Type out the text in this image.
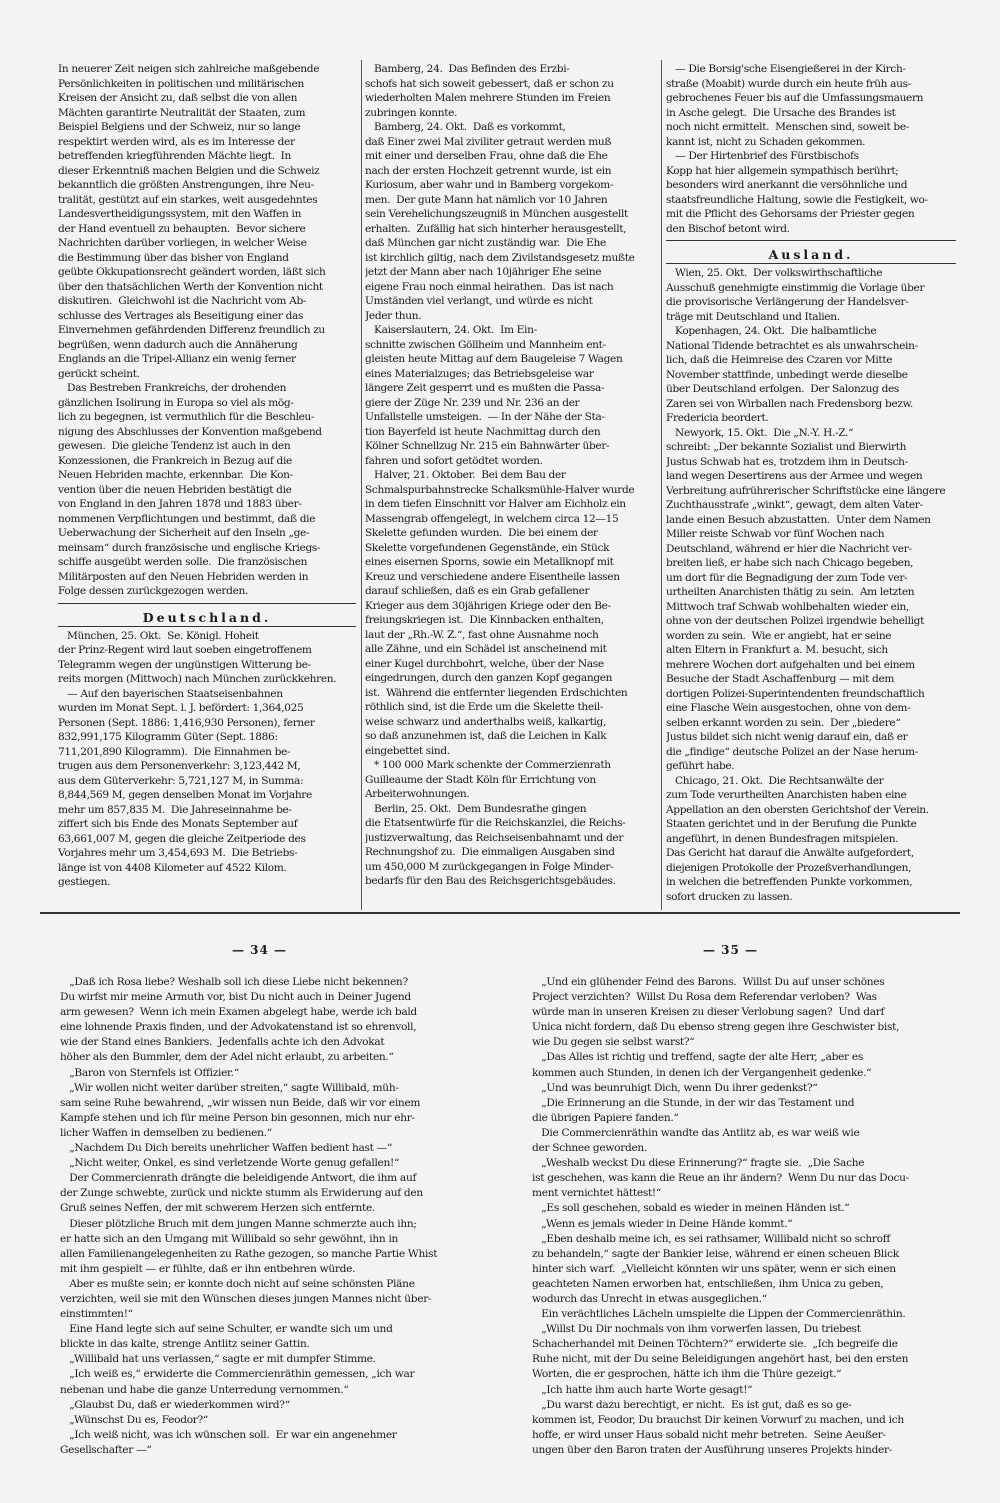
In neuerer Zeit neigen sich zahlreiche maßgebende
Persönlichkeiten in politischen und militärischen
Kreisen der Ansicht zu, daß selbst die von allen
Mächten garantirte Neutralität der Staaten, zum
Beispiel Belgiens und der Schweiz, nur so lange
respektirt werden wird, als es im Interesse der
betreffenden kriegführenden Mächte liegt.  In
dieser Erkenntniß machen Belgien und die Schweiz
bekanntlich die größten Anstrengungen, ihre Neu-
tralität, gestützt auf ein starkes, weit ausgedehntes
Landesvertheidigungssystem, mit den Waffen in
der Hand eventuell zu behaupten.  Bevor sichere
Nachrichten darüber vorliegen, in welcher Weise
die Bestimmung über das bisher von England
geübte Okkupationsrecht geändert worden, läßt sich
über den thatsächlichen Werth der Konvention nicht
diskutiren.  Gleichwohl ist die Nachricht vom Ab-
schlusse des Vertrages als Beseitigung einer das
Einvernehmen gefährdenden Differenz freundlich zu
begrüßen, wenn dadurch auch die Annäherung
Englands an die Tripel-Allianz ein wenig ferner
gerückt scheint.
Das Bestreben Frankreichs, der drohenden
gänzlichen Isolirung in Europa so viel als mög-
lich zu begegnen, ist vermuthlich für die Beschleu-
nigung des Abschlusses der Konvention maßgebend
gewesen.  Die gleiche Tendenz ist auch in den
Konzessionen, die Frankreich in Bezug auf die
Neuen Hebriden machte, erkennbar.  Die Kon-
vention über die neuen Hebriden bestätigt die
von England in den Jahren 1878 und 1883 über-
nommenen Verpflichtungen und bestimmt, daß die
Ueberwachung der Sicherheit auf den Inseln „ge-
meinsam“ durch französische und englische Kriegs-
schiffe ausgeübt werden solle.  Die französischen
Militärposten auf den Neuen Hebriden werden in
Folge dessen zurückgezogen werden.
Deutschland.
München, 25. Okt.  Se. Königl. Hoheit
der Prinz-Regent wird laut soeben eingetroffenem
Telegramm wegen der ungünstigen Witterung be-
reits morgen (Mittwoch) nach München zurückkehren.
— Auf den bayerischen Staatseisenbahnen
wurden im Monat Sept. l. J. befördert: 1,364,025
Personen (Sept. 1886: 1,416,930 Personen), ferner
832,991,175 Kilogramm Güter (Sept. 1886:
711,201,890 Kilogramm).  Die Einnahmen be-
trugen aus dem Personenverkehr: 3,123,442 M,
aus dem Güterverkehr: 5,721,127 M, in Summa:
8,844,569 M, gegen denselben Monat im Vorjahre
mehr um 857,835 M.  Die Jahreseinnahme be-
ziffert sich bis Ende des Monats September auf
63,661,007 M, gegen die gleiche Zeitperiode des
Vorjahres mehr um 3,454,693 M.  Die Betriebs-
länge ist von 4408 Kilometer auf 4522 Kilom.
gestiegen.
Bamberg, 24.  Das Befinden des Erzbi-
schofs hat sich soweit gebessert, daß er schon zu
wiederholten Malen mehrere Stunden im Freien
zubringen konnte.
Bamberg, 24. Okt.  Daß es vorkommt,
daß Einer zwei Mal ziviliter getraut werden muß
mit einer und derselben Frau, ohne daß die Ehe
nach der ersten Hochzeit getrennt wurde, ist ein
Kuriosum, aber wahr und in Bamberg vorgekom-
men.  Der gute Mann hat nämlich vor 10 Jahren
sein Verehelichungszeugniß in München ausgestellt
erhalten.  Zufällig hat sich hinterher herausgestellt,
daß München gar nicht zuständig war.  Die Ehe
ist kirchlich giltig, nach dem Zivilstandsgesetz mußte
jetzt der Mann aber nach 10jähriger Ehe seine
eigene Frau noch einmal heirathen.  Das ist nach
Umständen viel verlangt, und würde es nicht
Jeder thun.
Kaiserslautern, 24. Okt.  Im Ein-
schnitte zwischen Göllheim und Mannheim ent-
gleisten heute Mittag auf dem Baugeleise 7 Wagen
eines Materialzuges; das Betriebsgeleise war
längere Zeit gesperrt und es mußten die Passa-
giere der Züge Nr. 239 und Nr. 236 an der
Unfallstelle umsteigen.  — In der Nähe der Sta-
tion Bayerfeld ist heute Nachmittag durch den
Kölner Schnellzug Nr. 215 ein Bahnwärter über-
fahren und sofort getödtet worden.
Halver, 21. Oktober.  Bei dem Bau der
Schmalspurbahnstrecke Schalksmühle-Halver wurde
in dem tiefen Einschnitt vor Halver am Eichholz ein
Massengrab offengelegt, in welchem circa 12—15
Skelette gefunden wurden.  Die bei einem der
Skelette vorgefundenen Gegenstände, ein Stück
eines eisernen Sporns, sowie ein Metallknopf mit
Kreuz und verschiedene andere Eisentheile lassen
darauf schließen, daß es ein Grab gefallener
Krieger aus dem 30jährigen Kriege oder den Be-
freiungskriegen ist.  Die Kinnbacken enthalten,
laut der „Rh.-W. Z.“, fast ohne Ausnahme noch
alle Zähne, und ein Schädel ist anscheinend mit
einer Kugel durchbohrt, welche, über der Nase
eingedrungen, durch den ganzen Kopf gegangen
ist.  Während die entfernter liegenden Erdschichten
röthlich sind, ist die Erde um die Skelette theil-
weise schwarz und anderthalbs weiß, kalkartig,
so daß anzunehmen ist, daß die Leichen in Kalk
eingebettet sind.
* 100 000 Mark schenkte der Commerzienrath
Guilleaume der Stadt Köln für Errichtung von
Arbeiterwohnungen.
Berlin, 25. Okt.  Dem Bundesrathe gingen
die Etatsentwürfe für die Reichskanzlei, die Reichs-
justizverwaltung, das Reichseisenbahnamt und der
Rechnungshof zu.  Die einmaligen Ausgaben sind
um 450,000 M zurückgegangen in Folge Minder-
bedarfs für den Bau des Reichsgerichtsgebäudes.
— Die Borsig'sche Eisengießerei in der Kirch-
straße (Moabit) wurde durch ein heute früh aus-
gebrochenes Feuer bis auf die Umfassungsmauern
in Asche gelegt.  Die Ursache des Brandes ist
noch nicht ermittelt.  Menschen sind, soweit be-
kannt ist, nicht zu Schaden gekommen.
— Der Hirtenbrief des Fürstbischofs
Kopp hat hier allgemein sympathisch berührt;
besonders wird anerkannt die versöhnliche und
staatsfreundliche Haltung, sowie die Festigkeit, wo-
mit die Pflicht des Gehorsams der Priester gegen
den Bischof betont wird.
Ausland.
Wien, 25. Okt.  Der volkswirthschaftliche
Ausschuß genehmigte einstimmig die Vorlage über
die provisorische Verlängerung der Handelsver-
träge mit Deutschland und Italien.
Kopenhagen, 24. Okt.  Die halbamtliche
National Tidende betrachtet es als unwahrschein-
lich, daß die Heimreise des Czaren vor Mitte
November stattfinde, unbedingt werde dieselbe
über Deutschland erfolgen.  Der Salonzug des
Zaren sei von Wirballen nach Fredensborg bezw.
Fredericia beordert.
Newyork, 15. Okt.  Die „N.-Y. H.-Z.“
schreibt: „Der bekannte Sozialist und Bierwirth
Justus Schwab hat es, trotzdem ihm in Deutsch-
land wegen Desertirens aus der Armee und wegen
Verbreitung aufrührerischer Schriftstücke eine längere
Zuchthausstrafe „winkt“, gewagt, dem alten Vater-
lande einen Besuch abzustatten.  Unter dem Namen
Miller reiste Schwab vor fünf Wochen nach
Deutschland, während er hier die Nachricht ver-
breiten ließ, er habe sich nach Chicago begeben,
um dort für die Begnadigung der zum Tode ver-
urtheilten Anarchisten thätig zu sein.  Am letzten
Mittwoch traf Schwab wohlbehalten wieder ein,
ohne von der deutschen Polizei irgendwie behelligt
worden zu sein.  Wie er angiebt, hat er seine
alten Eltern in Frankfurt a. M. besucht, sich
mehrere Wochen dort aufgehalten und bei einem
Besuche der Stadt Aschaffenburg — mit dem
dortigen Polizei-Superintendenten freundschaftlich
eine Flasche Wein ausgestochen, ohne von dem-
selben erkannt worden zu sein.  Der „biedere“
Justus bildet sich nicht wenig darauf ein, daß er
die „findige“ deutsche Polizei an der Nase herum-
geführt habe.
Chicago, 21. Okt.  Die Rechtsanwälte der
zum Tode verurtheilten Anarchisten haben eine
Appellation an den obersten Gerichtshof der Verein.
Staaten gerichtet und in der Berufung die Punkte
angeführt, in denen Bundesfragen mitspielen.
Das Gericht hat darauf die Anwälte aufgefordert,
diejenigen Protokolle der Prozeßverhandlungen,
in welchen die betreffenden Punkte vorkommen,
sofort drucken zu lassen.
— 34 —	— 35 —
„Daß ich Rosa liebe? Weshalb soll ich diese Liebe nicht bekennen?
Du wirfst mir meine Armuth vor, bist Du nicht auch in Deiner Jugend
arm gewesen?  Wenn ich mein Examen abgelegt habe, werde ich bald
eine lohnende Praxis finden, und der Advokatenstand ist so ehrenvoll,
wie der Stand eines Bankiers.  Jedenfalls achte ich den Advokat
höher als den Bummler, dem der Adel nicht erlaubt, zu arbeiten.“
„Baron von Sternfels ist Offizier.“
„Wir wollen nicht weiter darüber streiten,“ sagte Willibald, müh-
sam seine Ruhe bewahrend, „wir wissen nun Beide, daß wir vor einem
Kampfe stehen und ich für meine Person bin gesonnen, mich nur ehr-
licher Waffen in demselben zu bedienen.“
„Nachdem Du Dich bereits unehrlicher Waffen bedient hast —“
„Nicht weiter, Onkel, es sind verletzende Worte genug gefallen!“
Der Commercienrath drängte die beleidigende Antwort, die ihm auf
der Zunge schwebte, zurück und nickte stumm als Erwiderung auf den
Gruß seines Neffen, der mit schwerem Herzen sich entfernte.
Dieser plötzliche Bruch mit dem jungen Manne schmerzte auch ihn;
er hatte sich an den Umgang mit Willibald so sehr gewöhnt, ihn in
allen Familienangelegenheiten zu Rathe gezogen, so manche Partie Whist
mit ihm gespielt — er fühlte, daß er ihn entbehren würde.
Aber es mußte sein; er konnte doch nicht auf seine schönsten Pläne
verzichten, weil sie mit den Wünschen dieses jungen Mannes nicht über-
einstimmten!“
Eine Hand legte sich auf seine Schulter, er wandte sich um und
blickte in das kalte, strenge Antlitz seiner Gattin.
„Willibald hat uns verlassen,“ sagte er mit dumpfer Stimme.
„Ich weiß es,“ erwiderte die Commercienräthin gemessen, „ich war
nebenan und habe die ganze Unterredung vernommen.“
„Glaubst Du, daß er wiederkommen wird?“
„Wünschst Du es, Feodor?“
„Ich weiß nicht, was ich wünschen soll.  Er war ein angenehmer
Gesellschafter —“
„Und ein glühender Feind des Barons.  Willst Du auf unser schönes
Project verzichten?  Willst Du Rosa dem Referendar verloben?  Was
würde man in unseren Kreisen zu dieser Verlobung sagen?  Und darf
Unica nicht fordern, daß Du ebenso streng gegen ihre Geschwister bist,
wie Du gegen sie selbst warst?“
„Das Alles ist richtig und treffend, sagte der alte Herr, „aber es
kommen auch Stunden, in denen ich der Vergangenheit gedenke.“
„Und was beunruhigt Dich, wenn Du ihrer gedenkst?“
„Die Erinnerung an die Stunde, in der wir das Testament und
die übrigen Papiere fanden.“
Die Commercienräthin wandte das Antlitz ab, es war weiß wie
der Schnee geworden.
„Weshalb weckst Du diese Erinnerung?“ fragte sie.  „Die Sache
ist geschehen, was kann die Reue an ihr ändern?  Wenn Du nur das Docu-
ment vernichtet hättest!“
„Es soll geschehen, sobald es wieder in meinen Händen ist.“
„Wenn es jemals wieder in Deine Hände kommt.“
„Eben deshalb meine ich, es sei rathsamer, Willibald nicht so schroff
zu behandeln,“ sagte der Bankier leise, während er einen scheuen Blick
hinter sich warf.  „Vielleicht könnten wir uns später, wenn er sich einen
geachteten Namen erworben hat, entschließen, ihm Unica zu geben,
wodurch das Unrecht in etwas ausgeglichen.“
Ein verächtliches Lächeln umspielte die Lippen der Commercienräthin.
„Willst Du Dir nochmals von ihm vorwerfen lassen, Du triebest
Schacherhandel mit Deinen Töchtern?“ erwiderte sie.  „Ich begreife die
Ruhe nicht, mit der Du seine Beleidigungen angehört hast, bei den ersten
Worten, die er gesprochen, hätte ich ihm die Thüre gezeigt.“
„Ich hatte ihm auch harte Worte gesagt!“
„Du warst dazu berechtigt, er nicht.  Es ist gut, daß es so ge-
kommen ist, Feodor, Du brauchst Dir keinen Vorwurf zu machen, und ich
hoffe, er wird unser Haus sobald nicht mehr betreten.  Seine Aeußer-
ungen über den Baron traten der Ausführung unseres Projekts hinder-
